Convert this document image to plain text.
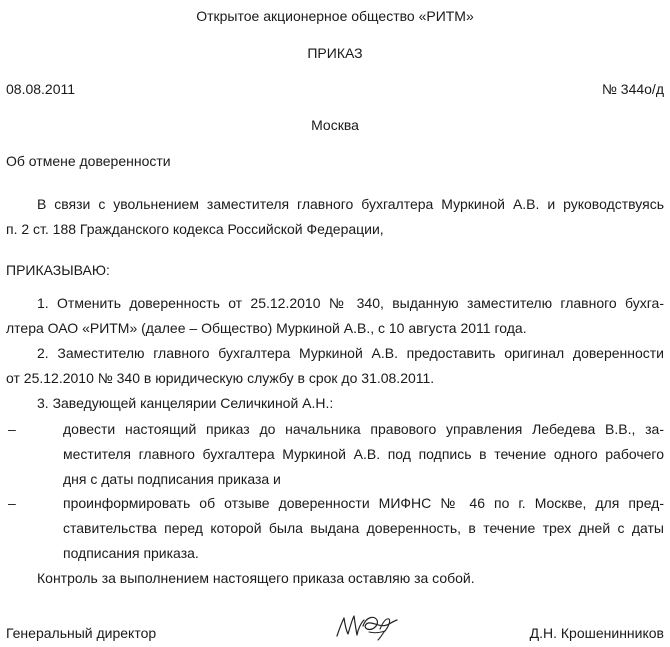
Открытое акционерное общество «РИТМ»
ПРИКАЗ
08.08.2011	№ 344о/д
Москва
Об отмене доверенности
В связи с увольнением заместителя главного бухгалтера Муркиной А.В. и руководствуясь
п. 2 ст. 188 Гражданского кодекса Российской Федерации,
ПРИКАЗЫВАЮ:
1. Отменить доверенность от 25.12.2010 № 340, выданную заместителю главного бухга-
лтера ОАО «РИТМ» (далее – Общество) Муркиной А.В., с 10 августа 2011 года.
2. Заместителю главного бухгалтера Муркиной А.В. предоставить оригинал доверенности
от 25.12.2010 № 340 в юридическую службу в срок до 31.08.2011.
3. Заведующей канцелярии Селичкиной А.Н.:
–	довести настоящий приказ до начальника правового управления Лебедева В.В., за-
местителя главного бухгалтера Муркиной А.В. под подпись в течение одного рабочего
дня с даты подписания приказа и
–	проинформировать об отзыве доверенности МИФНС № 46 по г. Москве, для пред-
ставительства перед которой была выдана доверенность, в течение трех дней с даты
подписания приказа.
Контроль за выполнением настоящего приказа оставляю за собой.
Генеральный директор	Д.Н. Крошенинников
